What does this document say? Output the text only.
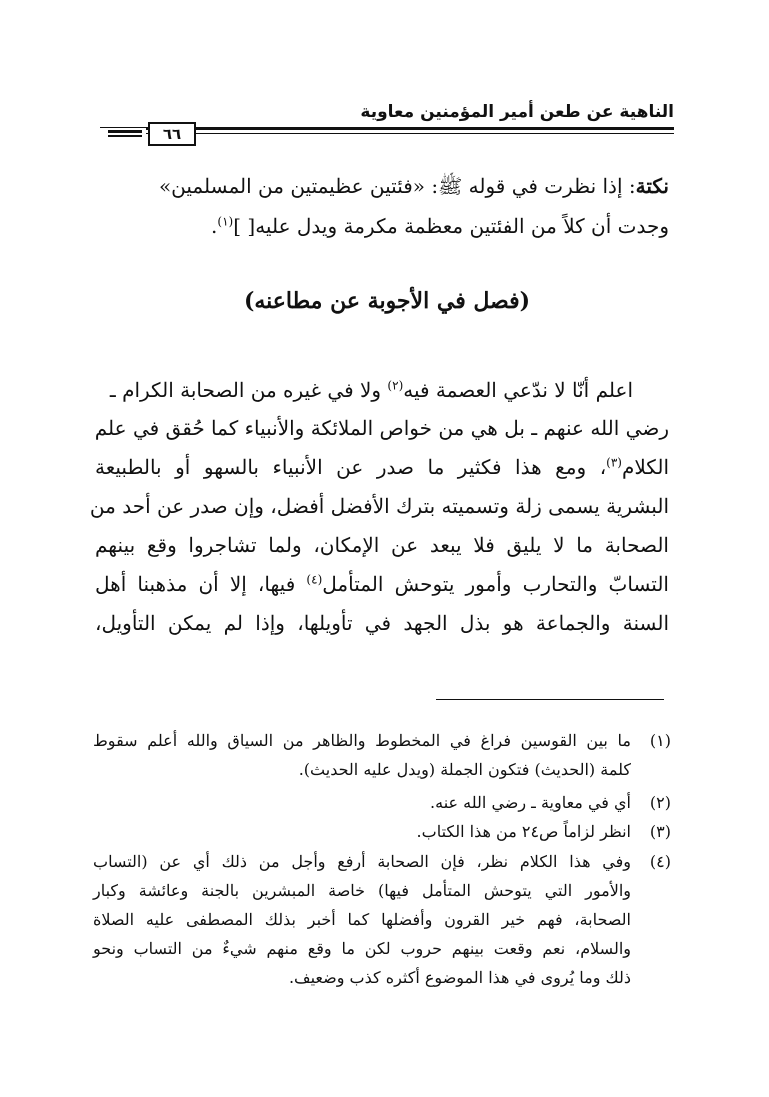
الناهية عن طعن أمير المؤمنين معاوية
٦٦
نكتة: إذا نظرت في قوله ﷺ: «فئتين عظيمتين من المسلمين»
وجدت أن كلاً من الفئتين معظمة مكرمة ويدل عليه[ ]$^{(١)}$.
(فصل في الأجوبة عن مطاعنه)
اعلم أنّا لا ندّعي العصمة فيه$^{(٢)}$ ولا في غيره من الصحابة الكرام ـ
رضي الله عنهم ـ بل هي من خواص الملائكة والأنبياء كما حُقق في علم
الكلام$^{(٣)}$، ومع هذا فكثير ما صدر عن الأنبياء بالسهو أو بالطبيعة
البشرية يسمى زلة وتسميته بترك الأفضل أفضل، وإن صدر عن أحد من
الصحابة ما لا يليق فلا يبعد عن الإمكان، ولما تشاجروا وقع بينهم
التسابّ والتحارب وأمور يتوحش المتأمل$^{(٤)}$ فيها، إلا أن مذهبنا أهل
السنة والجماعة هو بذل الجهد في تأويلها، وإذا لم يمكن التأويل،
(١)
ما بين القوسين فراغ في المخطوط والظاهر من السياق والله أعلم سقوط
كلمة (الحديث) فتكون الجملة (ويدل عليه الحديث).
(٢)
أي في معاوية ـ رضي الله عنه.
(٣)
انظر لزاماً ص٢٤ من هذا الكتاب.
(٤)
وفي هذا الكلام نظر، فإن الصحابة أرفع وأجل من ذلك أي عن (التساب
والأمور التي يتوحش المتأمل فيها) خاصة المبشرين بالجنة وعائشة وكبار
الصحابة، فهم خير القرون وأفضلها كما أخبر بذلك المصطفى عليه الصلاة
والسلام، نعم وقعت بينهم حروب لكن ما وقع منهم شيءٌ من التساب ونحو
ذلك وما يُروى في هذا الموضوع أكثره كذب وضعيف.
